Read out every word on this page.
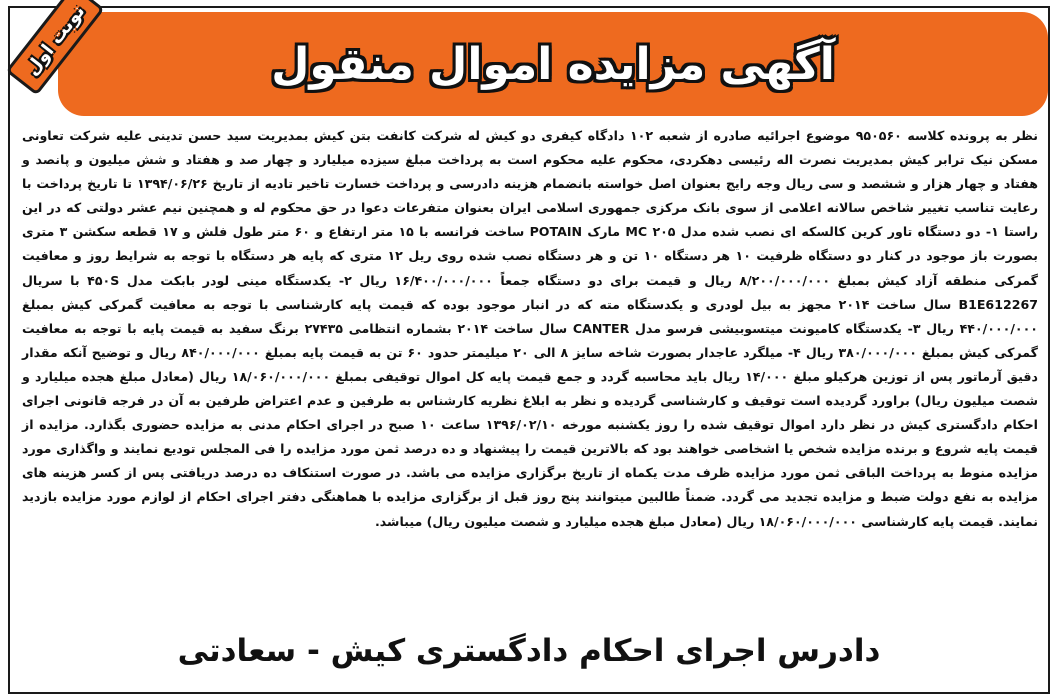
آگهی مزایده اموال منقول
نوبت اول

نظر به پرونده کلاسه ۹۵۰۵۶۰ موضوع اجرائیه صادره از شعبه ۱۰۲ دادگاه کیفری دو کیش له شرکت کانفت بتن کیش بمدیریت سید حسن تدینی علیه شرکت تعاونی مسکن نیک ترابر کیش بمدیریت نصرت اله رئیسی دهکردی، محکوم علیه محکوم است به پرداخت مبلغ سیزده میلیارد و چهار صد و هفتاد و شش میلیون و پانصد و هفتاد و چهار هزار و ششصد و سی ریال وجه رایج بعنوان اصل خواسته بانضمام هزینه دادرسی و پرداخت خسارت تاخیر تادیه از تاریخ ۱۳۹۴/۰۶/۲۶ تا تاریخ پرداخت با رعایت تناسب تغییر شاخص سالانه اعلامی از سوی بانک مرکزی جمهوری اسلامی ایران بعنوان متفرعات دعوا در حق محکوم له و همچنین نیم عشر دولتی که در این راستا ۱- دو دستگاه تاور کرین کالسکه ای نصب شده مدل ۲۰۵ MC مارک POTAIN ساخت فرانسه با ۱۵ متر ارتفاع و ۶۰ متر طول فلش و ۱۷ قطعه سکشن ۳ متری بصورت باز موجود در کنار دو دستگاه ظرفیت ۱۰ هر دستگاه ۱۰ تن و هر دستگاه نصب شده روی ریل ۱۲ متری که پایه هر دستگاه با توجه به شرایط روز و معافیت گمرکی منطقه آزاد کیش بمبلغ ۸/۲۰۰/۰۰۰/۰۰۰ ریال و قیمت برای دو دستگاه جمعاً ۱۶/۴۰۰/۰۰۰/۰۰۰ ریال ۲- یکدستگاه مینی لودر بابکت مدل ۴۵۰S با سریال B1E612267 سال ساخت ۲۰۱۴ مجهز به بیل لودری و یکدستگاه مته که در انبار موجود بوده که قیمت پایه کارشناسی با توجه به معافیت گمرکی کیش بمبلغ ۴۴۰/۰۰۰/۰۰۰ ریال ۳- یکدستگاه کامیونت میتسوبیشی فرسو مدل CANTER سال ساخت ۲۰۱۴ بشماره انتظامی ۲۷۴۳۵ برنگ سفید به قیمت پایه با توجه به معافیت گمرکی کیش بمبلغ ۳۸۰/۰۰۰/۰۰۰ ریال ۴- میلگرد عاجدار بصورت شاخه سایز ۸ الی ۲۰ میلیمتر حدود ۶۰ تن به قیمت پایه بمبلغ ۸۴۰/۰۰۰/۰۰۰ ریال و توضیح آنکه مقدار دقیق آرماتور پس از توزین هرکیلو مبلغ ۱۴/۰۰۰ ریال باید محاسبه گردد و جمع قیمت پایه کل اموال توقیفی بمبلغ ۱۸/۰۶۰/۰۰۰/۰۰۰ ریال (معادل مبلغ هجده میلیارد و شصت میلیون ریال) براورد گردیده است توقیف و کارشناسی گردیده و نظر به ابلاغ نظریه کارشناس به طرفین و عدم اعتراض طرفین به آن در فرجه قانونی اجرای احکام دادگستری کیش در نظر دارد اموال توقیف شده را روز یکشنبه مورخه ۱۳۹۶/۰۲/۱۰ ساعت ۱۰ صبح در اجرای احکام مدنی به مزایده حضوری بگذارد. مزایده از قیمت پایه شروع و برنده مزایده شخص یا اشخاصی خواهند بود که بالاترین قیمت را پیشنهاد و ده درصد ثمن مورد مزایده را فی المجلس تودیع نمایند و واگذاری مورد مزایده منوط به پرداخت الباقی ثمن مورد مزایده ظرف مدت یکماه از تاریخ برگزاری مزایده می باشد. در صورت استنکاف ده درصد دریافتی پس از کسر هزینه های مزایده به نفع دولت ضبط و مزایده تجدید می گردد. ضمناً طالبین میتوانند پنج روز قبل از برگزاری مزایده با هماهنگی دفتر اجرای احکام از لوازم مورد مزایده بازدید نمایند. قیمت پایه کارشناسی ۱۸/۰۶۰/۰۰۰/۰۰۰ ریال (معادل مبلغ هجده میلیارد و شصت میلیون ریال) میباشد.

دادرس اجرای احکام دادگستری کیش - سعادتی
